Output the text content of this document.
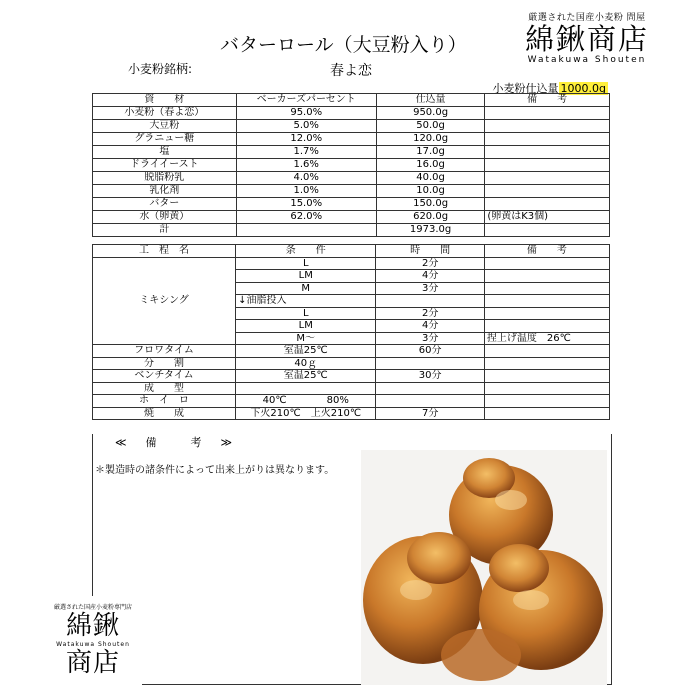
バターロール（大豆粉入り）
小麦粉銘柄:	春よ恋
厳選された国産小麦粉 問屋
綿鍬商店
Watakuwa Shouten
小麦粉仕込量 1000.0g
資　　材	ベーカーズパーセント	仕込量	備　　考
小麦粉（春よ恋）	95.0%	950.0g	
大豆粉	5.0%	50.0g	
グラニュー糖	12.0%	120.0g	
塩	1.7%	17.0g	
ドライイースト	1.6%	16.0g	
脱脂粉乳	4.0%	40.0g	
乳化剤	1.0%	10.0g	
バター	15.0%	150.0g	
水（卵黄）	62.0%	620.0g	(卵黄はK3個)
計		1973.0g	
工　程　名	条　　件	時　　間	備　　考
ミキシング	L	2分	
	LM	4分	
	M	3分	
	↓油脂投入		
	L	2分	
	LM	4分	
	M～	3分	捏上げ温度　26℃
フロワタイム	室温25℃	60分	
分　　割	40ｇ		
ベンチタイム	室温25℃	30分	
成　　型			
ホ　イ　ロ	40℃　　　　80%		
焼　　成	下火210℃　上火210℃	7分	
≪　備　　考　≫
＊製造時の諸条件によって出来上がりは異なります。
厳選された国産小麦粉専門店
綿鍬
Watakuwa Shouten
商店
